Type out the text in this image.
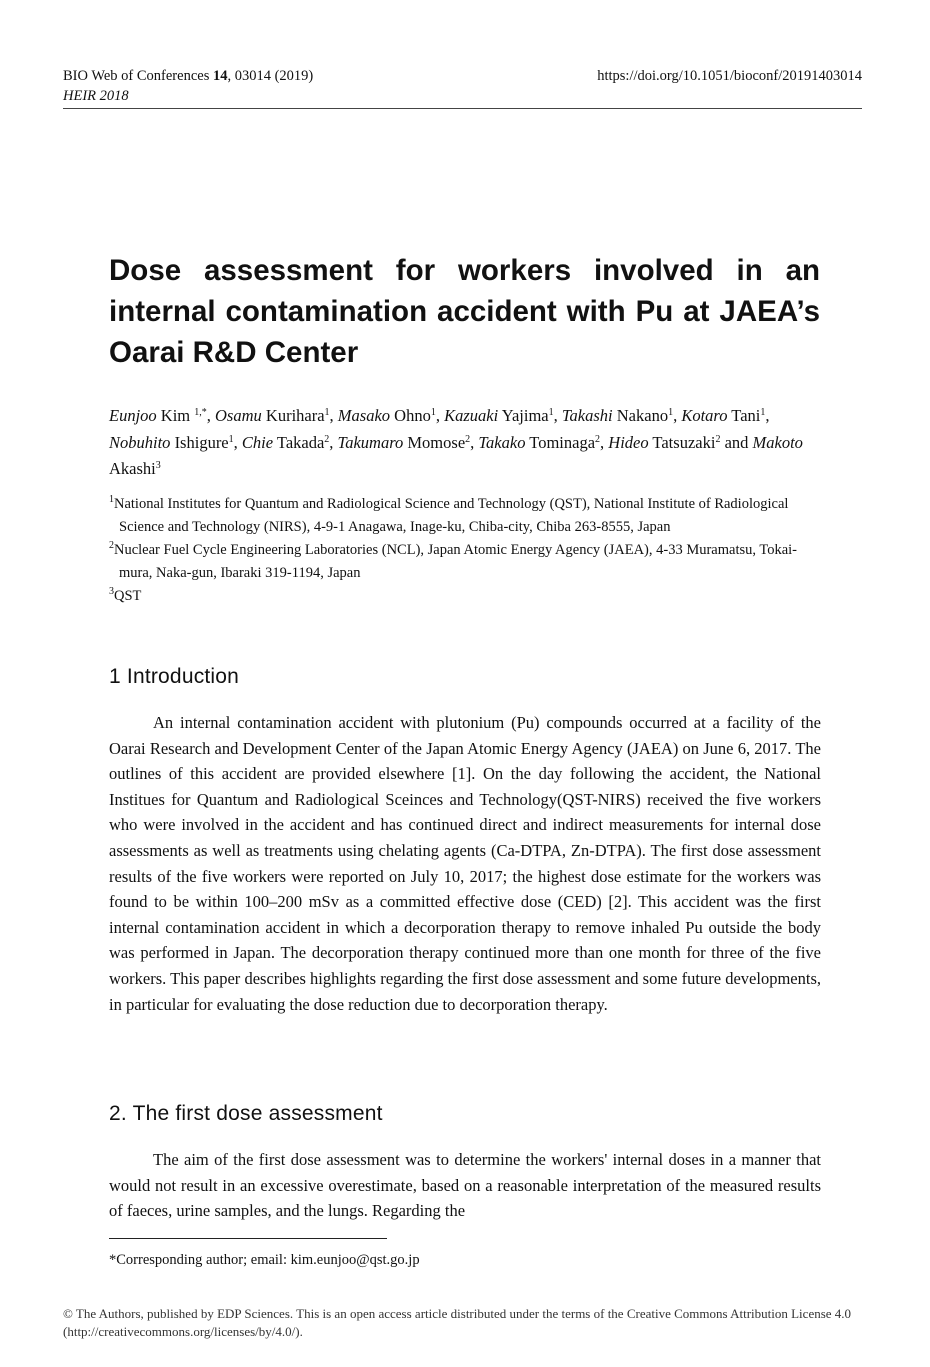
BIO Web of Conferences 14, 03014 (2019)	https://doi.org/10.1051/bioconf/20191403014
HEIR 2018
Dose assessment for workers involved in an internal contamination accident with Pu at JAEA’s Oarai R&D Center
Eunjoo Kim $^{1,*}$, Osamu Kurihara$^1$, Masako Ohno$^1$, Kazuaki Yajima$^1$, Takashi Nakano$^1$, Kotaro Tani$^1$, Nobuhito Ishigure$^1$, Chie Takada$^2$, Takumaro Momose$^2$, Takako Tominaga$^2$, Hideo Tatsuzaki$^2$ and Makoto Akashi$^3$

$^1$National Institutes for Quantum and Radiological Science and Technology (QST), National Institute of Radiological Science and Technology (NIRS), 4-9-1 Anagawa, Inage-ku, Chiba-city, Chiba 263-8555, Japan

$^2$Nuclear Fuel Cycle Engineering Laboratories (NCL), Japan Atomic Energy Agency (JAEA), 4-33 Muramatsu, Tokai-mura, Naka-gun, Ibaraki 319-1194, Japan

$^3$QST

1 Introduction

An internal contamination accident with plutonium (Pu) compounds occurred at a facility of the Oarai Research and Development Center of the Japan Atomic Energy Agency (JAEA) on June 6, 2017. The outlines of this accident are provided elsewhere [1]. On the day following the accident, the National Institues for Quantum and Radiological Sceinces and Technology(QST-NIRS) received the five workers who were involved in the accident and has continued direct and indirect measurements for internal dose assessments as well as treatments using chelating agents (Ca-DTPA, Zn-DTPA). The first dose assessment results of the five workers were reported on July 10, 2017; the highest dose estimate for the workers was found to be within 100–200 mSv as a committed effective dose (CED) [2]. This accident was the first internal contamination accident in which a decorporation therapy to remove inhaled Pu outside the body was performed in Japan. The decorporation therapy continued more than one month for three of the five workers. This paper describes highlights regarding the first dose assessment and some future developments, in particular for evaluating the dose reduction due to decorporation therapy.

2. The first dose assessment

The aim of the first dose assessment was to determine the workers' internal doses in a manner that would not result in an excessive overestimate, based on a reasonable interpretation of the measured results of faeces, urine samples, and the lungs. Regarding the

*Corresponding author; email: kim.eunjoo@qst.go.jp
© The Authors, published by EDP Sciences. This is an open access article distributed under the terms of the Creative Commons Attribution License 4.0 (http://creativecommons.org/licenses/by/4.0/).
